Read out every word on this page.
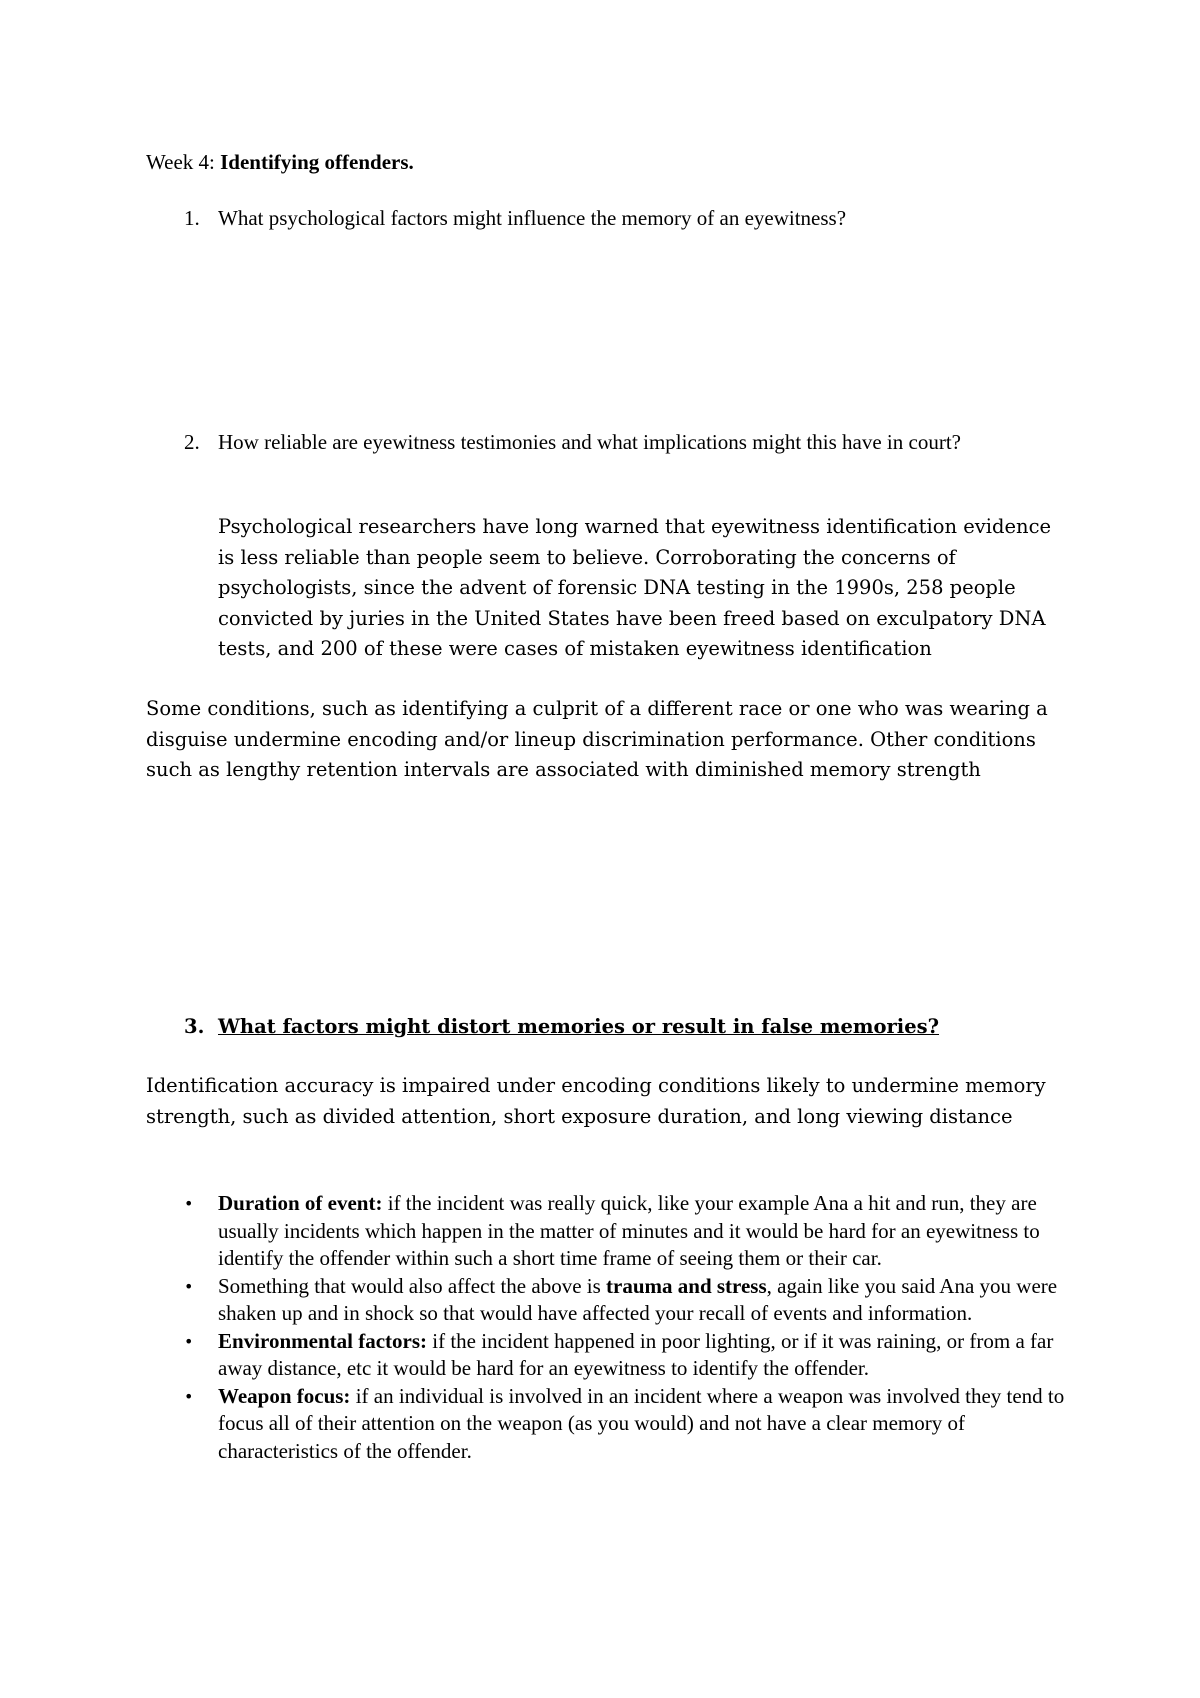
Week 4: Identifying offenders.
1. What psychological factors might influence the memory of an eyewitness?
2. How reliable are eyewitness testimonies and what implications might this have in court?
Psychological researchers have long warned that eyewitness identification evidence is less reliable than people seem to believe. Corroborating the concerns of psychologists, since the advent of forensic DNA testing in the 1990s, 258 people convicted by juries in the United States have been freed based on exculpatory DNA tests, and 200 of these were cases of mistaken eyewitness identification
Some conditions, such as identifying a culprit of a different race or one who was wearing a disguise undermine encoding and/or lineup discrimination performance. Other conditions such as lengthy retention intervals are associated with diminished memory strength
3. What factors might distort memories or result in false memories?
Identification accuracy is impaired under encoding conditions likely to undermine memory strength, such as divided attention, short exposure duration, and long viewing distance

• Duration of event: if the incident was really quick, like your example Ana a hit and run, they are usually incidents which happen in the matter of minutes and it would be hard for an eyewitness to identify the offender within such a short time frame of seeing them or their car.

• Something that would also affect the above is trauma and stress, again like you said Ana you were shaken up and in shock so that would have affected your recall of events and information.

• Environmental factors: if the incident happened in poor lighting, or if it was raining, or from a far away distance, etc it would be hard for an eyewitness to identify the offender.

• Weapon focus: if an individual is involved in an incident where a weapon was involved they tend to focus all of their attention on the weapon (as you would) and not have a clear memory of characteristics of the offender.
